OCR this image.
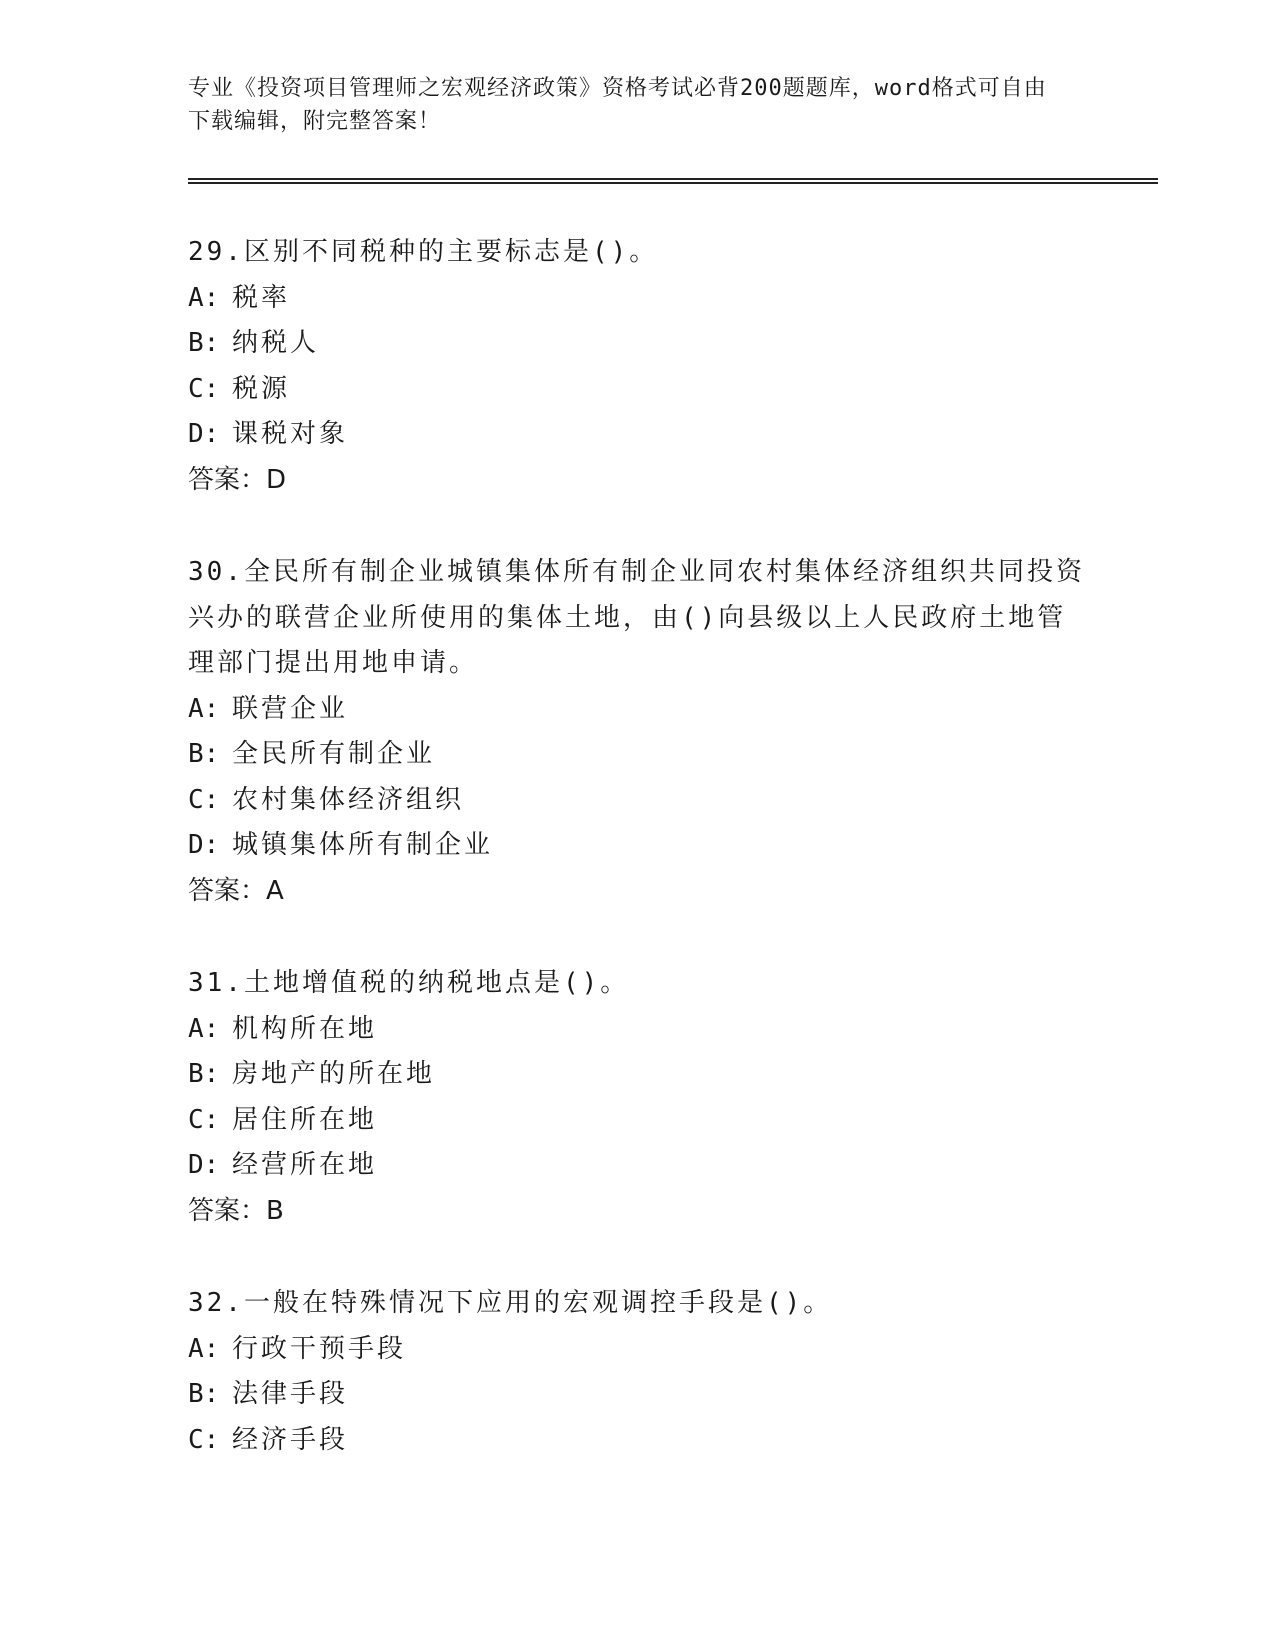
专业《投资项目管理师之宏观经济政策》资格考试必背200题题库，word格式可自由下载编辑，附完整答案！
29.区别不同税种的主要标志是()。
A: 税率
B: 纳税人
C: 税源
D: 课税对象
答案：D
30.全民所有制企业城镇集体所有制企业同农村集体经济组织共同投资兴办的联营企业所使用的集体土地，由()向县级以上人民政府土地管理部门提出用地申请。
A: 联营企业
B: 全民所有制企业
C: 农村集体经济组织
D: 城镇集体所有制企业
答案：A
31.土地增值税的纳税地点是()。
A: 机构所在地
B: 房地产的所在地
C: 居住所在地
D: 经营所在地
答案：B
32.一般在特殊情况下应用的宏观调控手段是()。
A: 行政干预手段
B: 法律手段
C: 经济手段
